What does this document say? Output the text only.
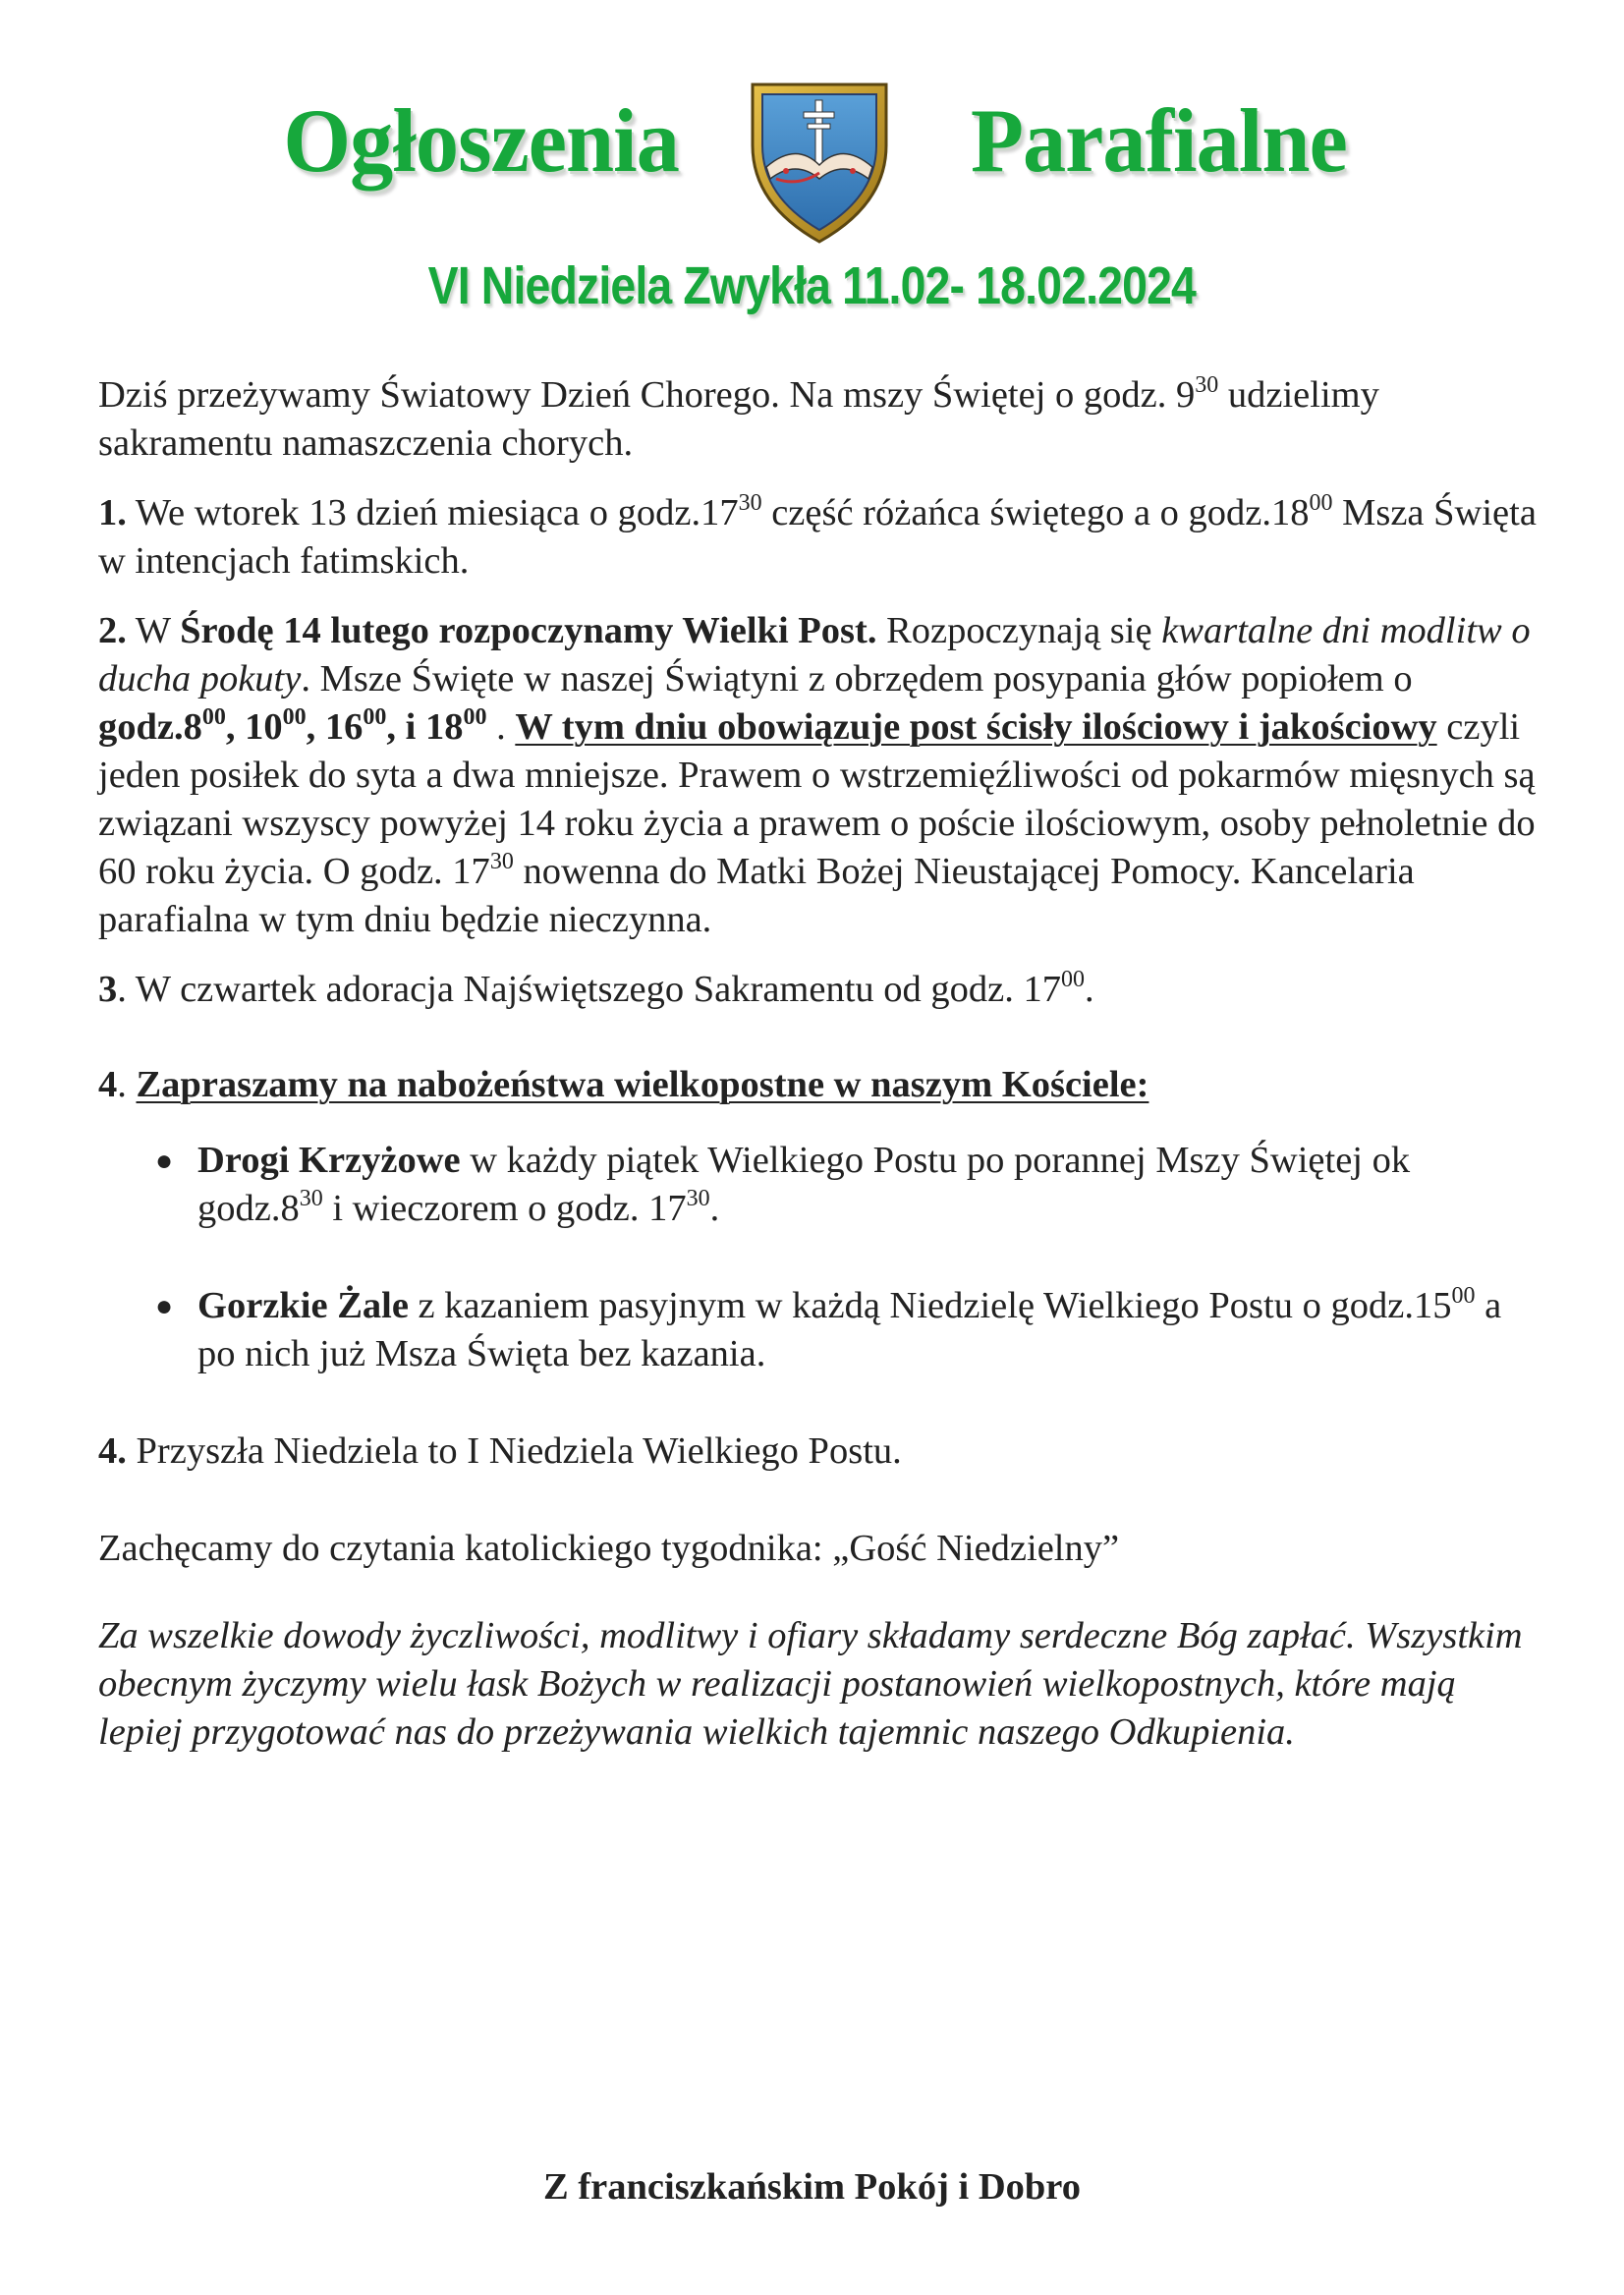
Ogłoszenia	Parafialne
VI Niedziela Zwykła 11.02- 18.02.2024

Dziś przeżywamy Światowy Dzień Chorego. Na mszy Świętej o godz. $9^{30}$ udzielimy sakramentu namaszczenia chorych.

1. We wtorek 13 dzień miesiąca o $godz.17^{30}$ część różańca świętego a o $godz.18^{00}$ Msza Święta w intencjach fatimskich.

2. W Środę 14 lutego rozpoczynamy Wielki Post. Rozpoczynają się kwartalne dni modlitw o ducha pokuty. Msze Święte w naszej Świątyni z obrzędem posypania głów popiołem o $godz.8^{00}$, $10^{00}$, $16^{00}$, i $18^{00}$ . W tym dniu obowiązuje post ścisły ilościowy i jakościowy czyli jeden posiłek do syta a dwa mniejsze. Prawem o wstrzemięźliwości od pokarmów mięsnych są związani wszyscy powyżej 14 roku życia a prawem o poście ilościowym, osoby pełnoletnie do 60 roku życia. O godz. $17^{30}$ nowenna do Matki Bożej Nieustającej Pomocy. Kancelaria parafialna w tym dniu będzie nieczynna.

3. W czwartek adoracja Najświętszego Sakramentu od godz. $17^{00}$.

4. Zapraszamy na nabożeństwa wielkopostne w naszym Kościele:

● Drogi Krzyżowe w każdy piątek Wielkiego Postu po porannej Mszy Świętej ok $godz.8^{30}$ i wieczorem o godz. $17^{30}$.
● Gorzkie Żale z kazaniem pasyjnym w każdą Niedzielę Wielkiego Postu o $godz.15^{00}$ a po nich już Msza Święta bez kazania.

4. Przyszła Niedziela to I Niedziela Wielkiego Postu.

Zachęcamy do czytania katolickiego tygodnika: „Gość Niedzielny”

Za wszelkie dowody życzliwości, modlitwy i ofiary składamy serdeczne Bóg zapłać. Wszystkim obecnym życzymy wielu łask Bożych w realizacji postanowień wielkopostnych, które mają lepiej przygotować nas do przeżywania wielkich tajemnic naszego Odkupienia.

Z franciszkańskim Pokój i Dobro
